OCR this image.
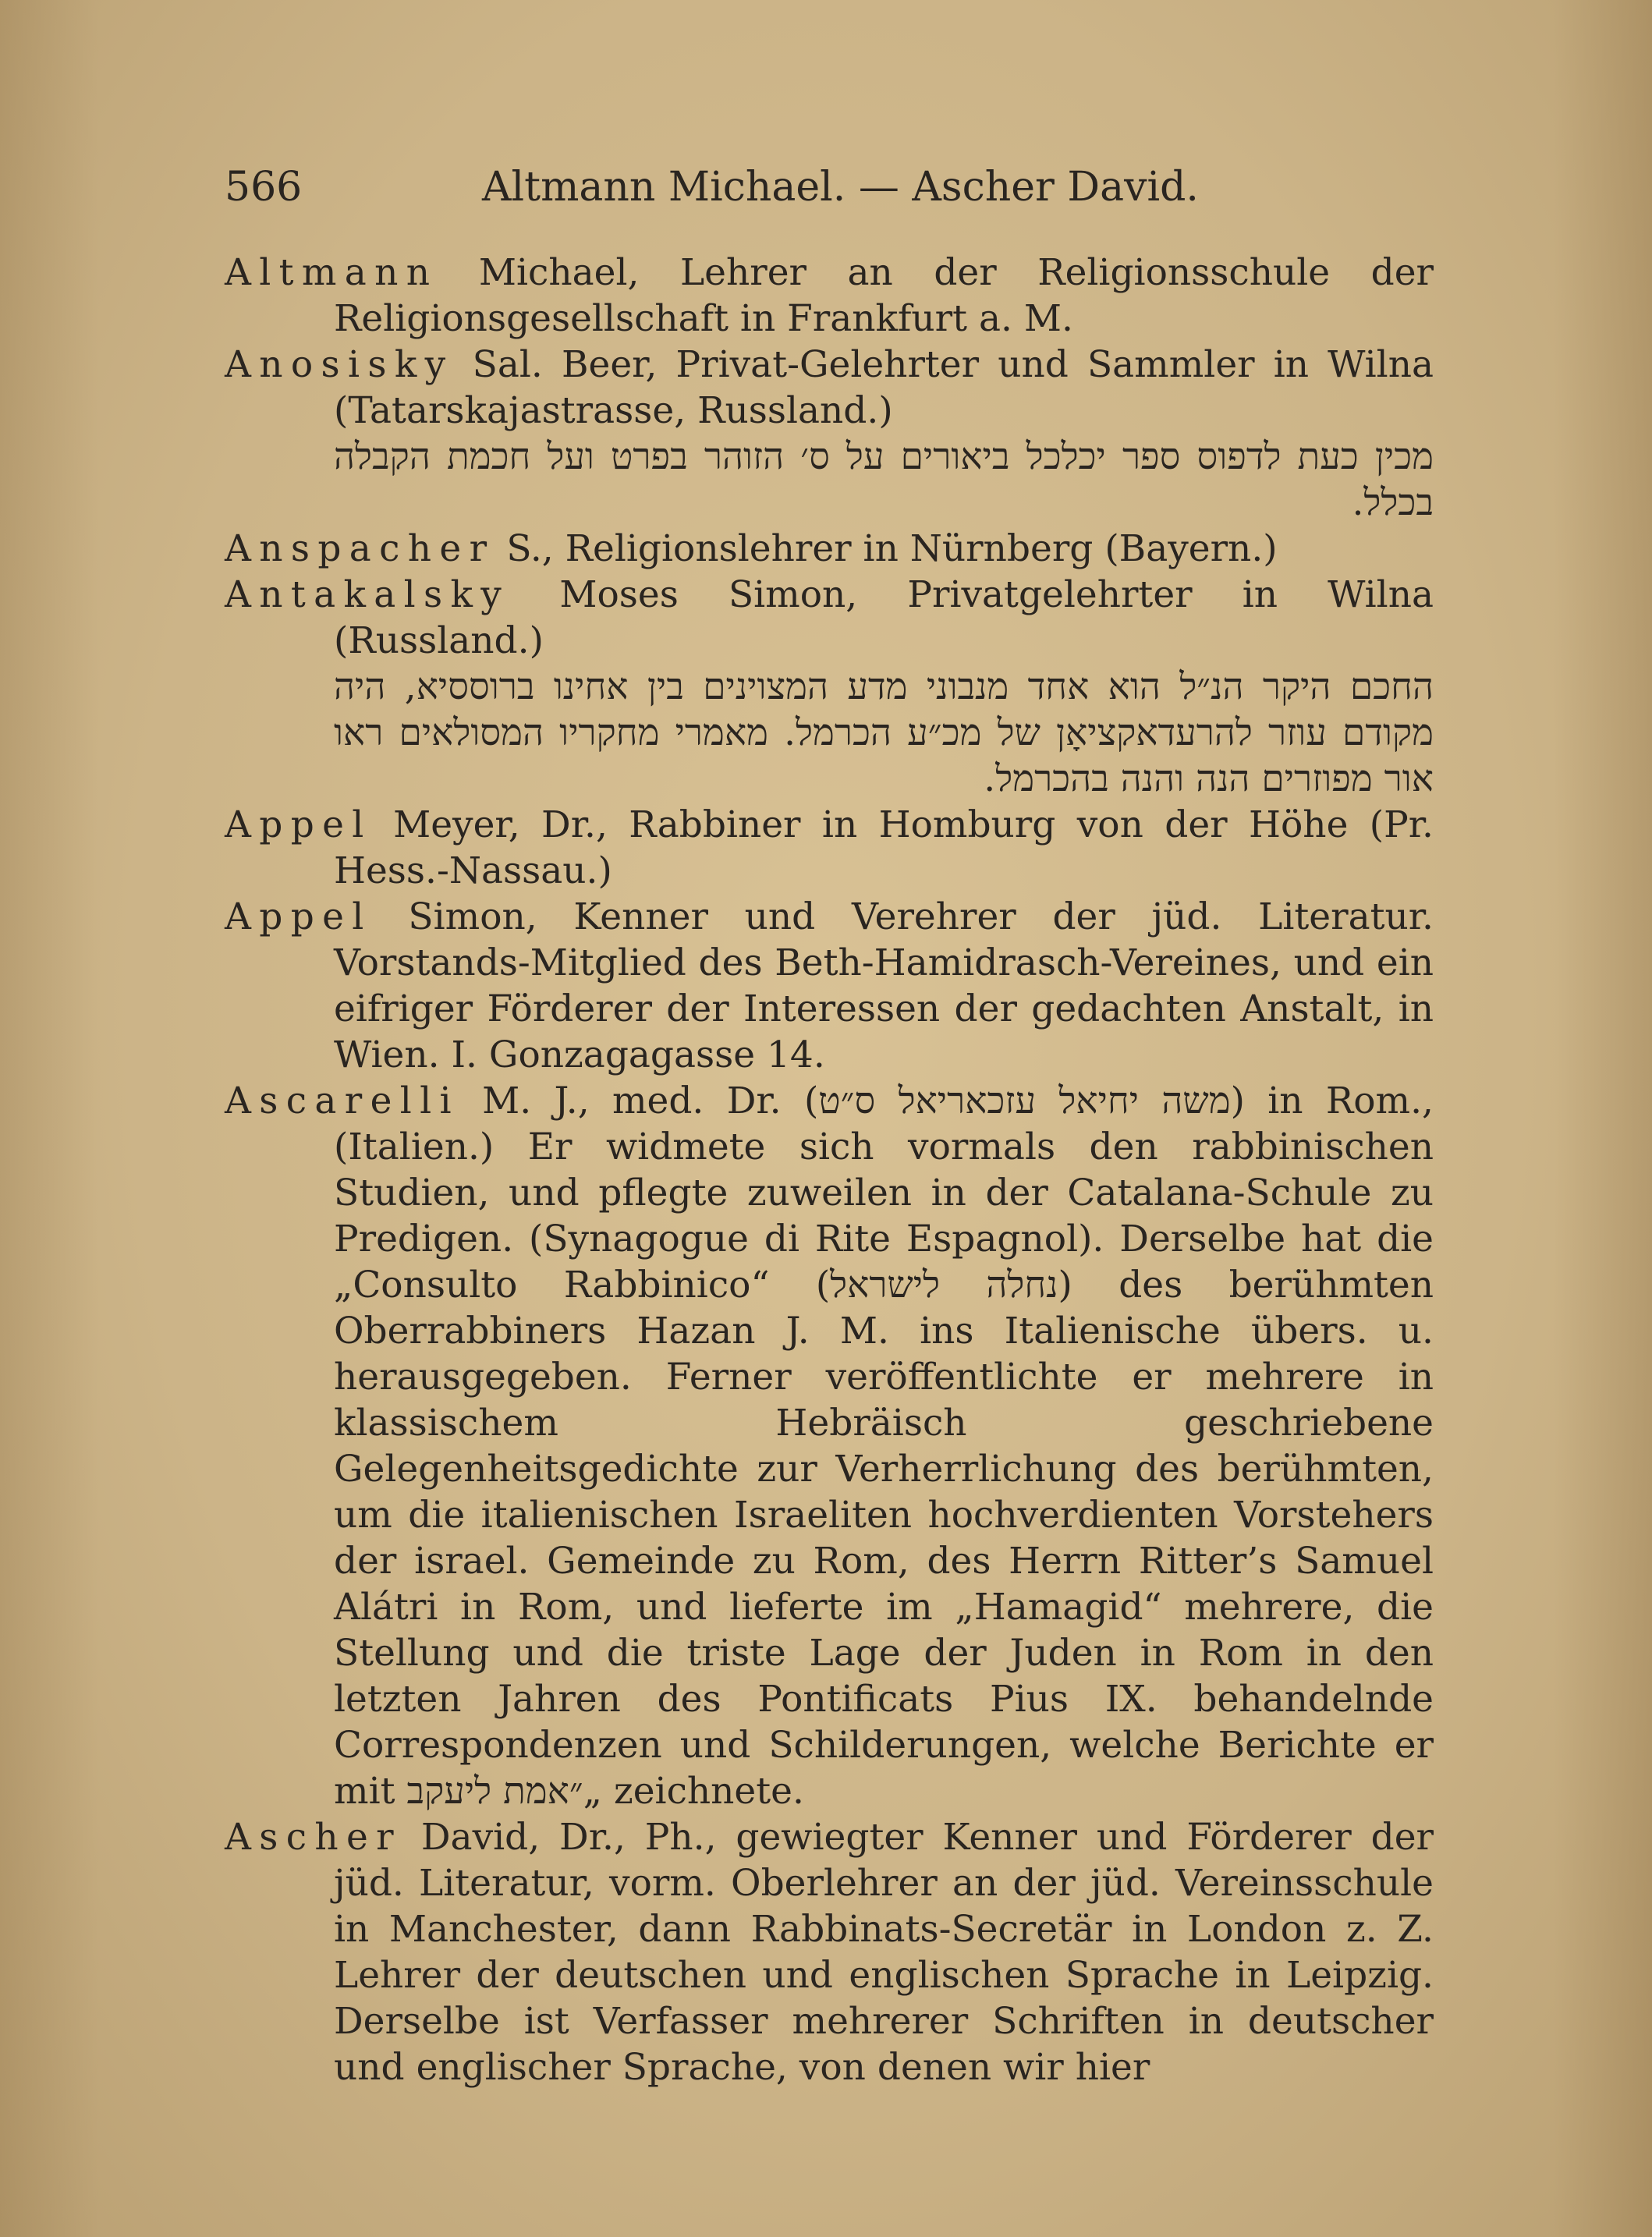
566	Altmann Michael. — Ascher David.

Altmann Michael, Lehrer an der Religionsschule der Religionsgesellschaft in Frankfurt a. M.

Anosisky Sal. Beer, Privat-Gelehrter und Sammler in Wilna (Tatarskajastrasse, Russland.)
מכין כעת לדפוס ספר יכלכל ביאורים על ס׳ הזוהר בפרט ועל חכמת הקבלה בכלל.

Anspacher S., Religionslehrer in Nürnberg (Bayern.)

Antakalsky Moses Simon, Privatgelehrter in Wilna (Russland.)
החכם היקר הנ״ל הוא אחד מנבוני מדע המצוינים בין אחינו ברוססיא, היה מקודם עוזר להרעדאקציאָן של מכ״ע הכרמל. מאמרי מחקריו המסולאים ראו אור מפוזרים הנה והנה בהכרמל.

Appel Meyer, Dr., Rabbiner in Homburg von der Höhe (Pr. Hess.-Nassau.)

Appel Simon, Kenner und Verehrer der jüd. Literatur. Vorstands-Mitglied des Beth-Hamidrasch-Vereines, und ein eifriger Förderer der Interessen der gedachten Anstalt, in Wien. I. Gonzagagasse 14.

Ascarelli M. J., med. Dr. (משה יחיאל עזכאריאל ס״ט) in Rom., (Italien.) Er widmete sich vormals den rabbinischen Studien, und pflegte zuweilen in der Catalana-Schule zu Predigen. (Synagogue di Rite Espagnol). Derselbe hat die „Consulto Rabbinico“ (נחלה לישראל) des berühmten Oberrabbiners Hazan J. M. ins Italienische übers. u. herausgegeben. Ferner veröffentlichte er mehrere in klassischem Hebräisch geschriebene Gelegenheitsgedichte zur Verherrlichung des berühmten, um die italienischen Israeliten hochverdienten Vorstehers der israel. Gemeinde zu Rom, des Herrn Ritter’s Samuel Alátri in Rom, und lieferte im „Hamagid“ mehrere, die Stellung und die triste Lage der Juden in Rom in den letzten Jahren des Pontificats Pius IX. behandelnde Correspondenzen und Schilderungen, welche Berichte er mit ״אמת ליעקב„ zeichnete.

Ascher David, Dr., Ph., gewiegter Kenner und Förderer der jüd. Literatur, vorm. Oberlehrer an der jüd. Vereinsschule in Manchester, dann Rabbinats-Secretär in London z. Z. Lehrer der deutschen und englischen Sprache in Leipzig. Derselbe ist Verfasser mehrerer Schriften in deutscher und englischer Sprache, von denen wir hier
